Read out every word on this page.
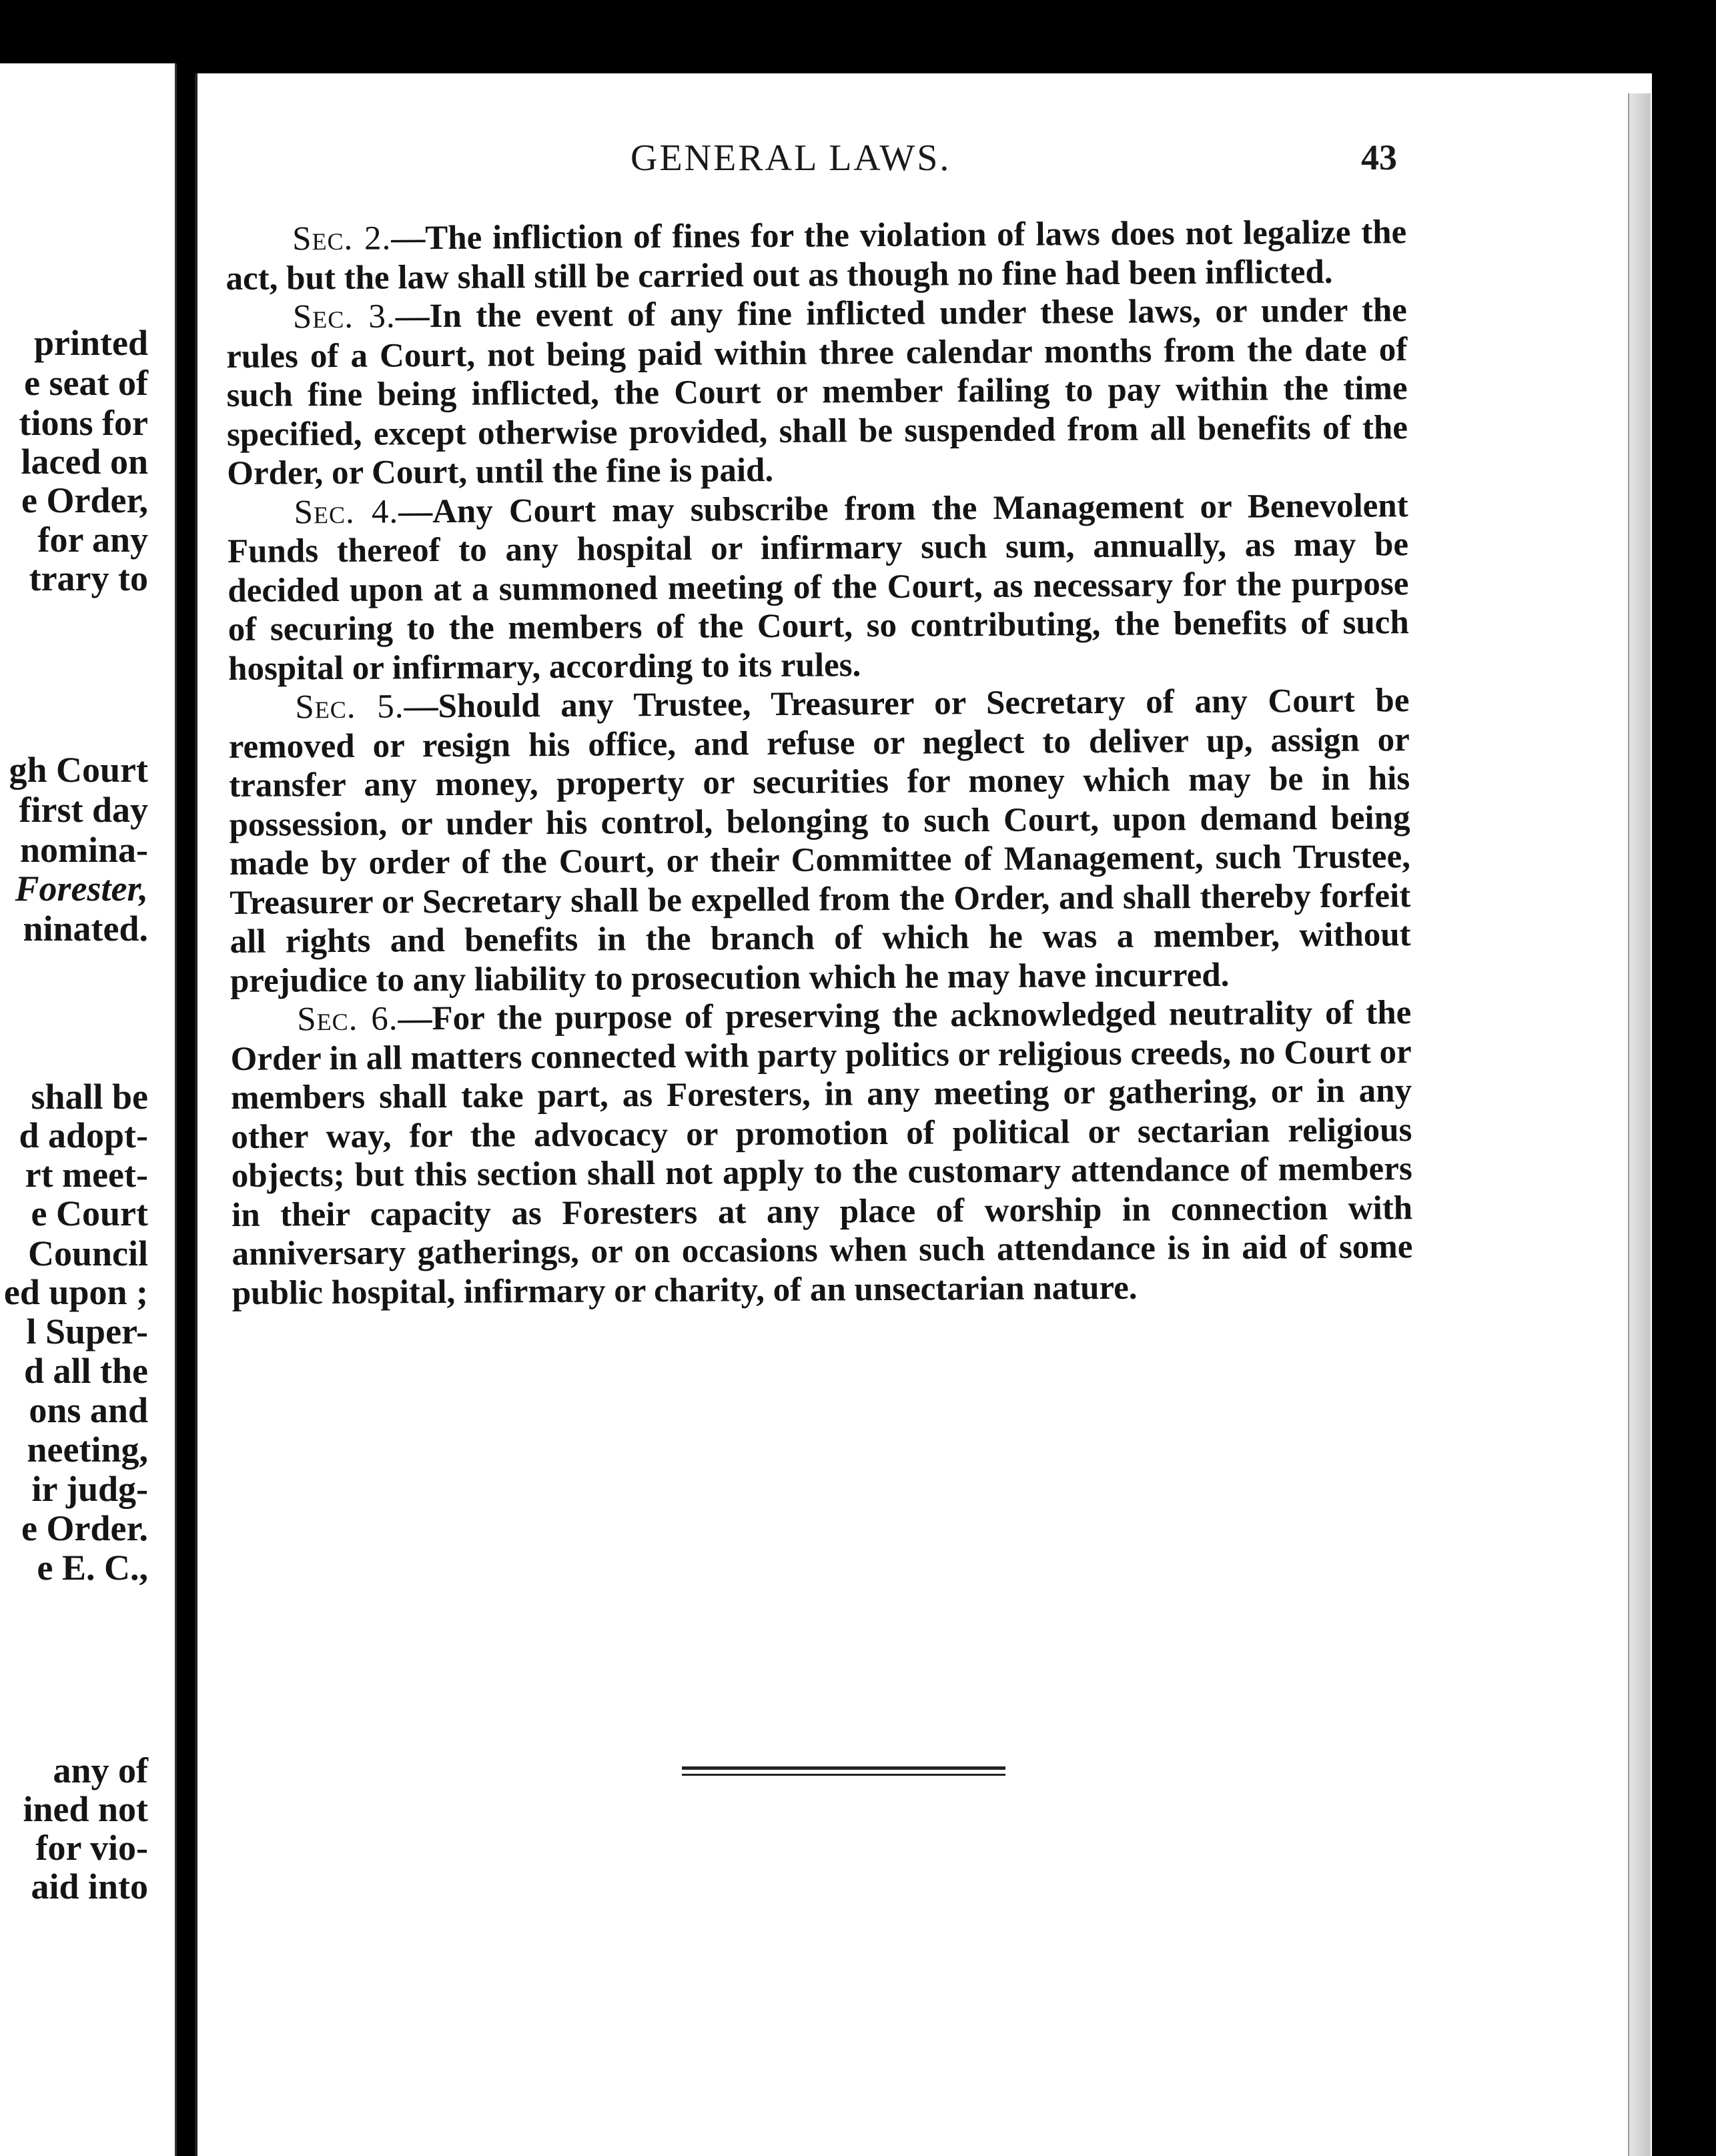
printed
e seat of
tions for
laced on
e Order,
for any
trary to
gh Court
first day
nomina-
Forester,
ninated.
shall be
d adopt-
rt meet-
e Court
Council
ed upon ;
l Super-
d all the
ons and
neeting,
ir judg-
e Order.
e E. C.,
any of
ined not
for vio-
aid into
GENERAL LAWS.	43

Sec. 2.—The infliction of fines for the violation of laws does not legalize the act, but the law shall still be carried out as though no fine had been inflicted.

Sec. 3.—In the event of any fine inflicted under these laws, or under the rules of a Court, not being paid within three calendar months from the date of such fine being inflicted, the Court or member failing to pay within the time specified, except otherwise provided, shall be suspended from all benefits of the Order, or Court, until the fine is paid.

Sec. 4.—Any Court may subscribe from the Management or Benevolent Funds thereof to any hospital or infirmary such sum, annually, as may be decided upon at a summoned meeting of the Court, as necessary for the purpose of securing to the members of the Court, so contributing, the benefits of such hospital or infirmary, according to its rules.

Sec. 5.—Should any Trustee, Treasurer or Secretary of any Court be removed or resign his office, and refuse or neglect to deliver up, assign or transfer any money, property or securities for money which may be in his possession, or under his control, belonging to such Court, upon demand being made by order of the Court, or their Committee of Management, such Trustee, Treasurer or Secretary shall be expelled from the Order, and shall thereby forfeit all rights and benefits in the branch of which he was a member, without prejudice to any liability to prosecution which he may have incurred.

Sec. 6.—For the purpose of preserving the acknowledged neutrality of the Order in all matters connected with party politics or religious creeds, no Court or members shall take part, as Foresters, in any meeting or gathering, or in any other way, for the advocacy or promotion of political or sectarian religious objects; but this section shall not apply to the customary attendance of members in their capacity as Foresters at any place of worship in connection with anniversary gatherings, or on occasions when such attendance is in aid of some public hospital, infirmary or charity, of an unsectarian nature.
